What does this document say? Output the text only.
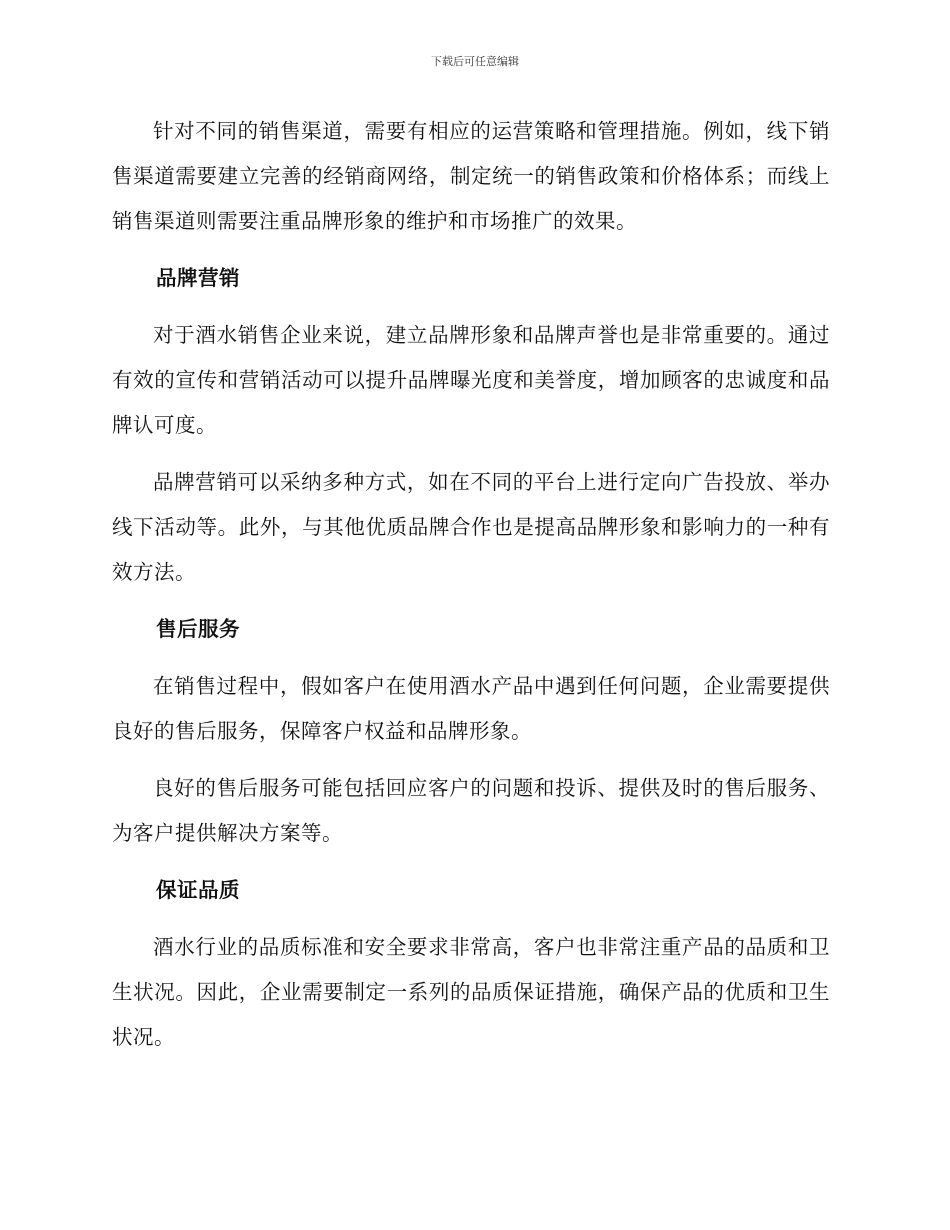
下载后可任意编辑

针对不同的销售渠道，需要有相应的运营策略和管理措施。例如，线下销售渠道需要建立完善的经销商网络，制定统一的销售政策和价格体系；而线上销售渠道则需要注重品牌形象的维护和市场推广的效果。

品牌营销

对于酒水销售企业来说，建立品牌形象和品牌声誉也是非常重要的。通过有效的宣传和营销活动可以提升品牌曝光度和美誉度，增加顾客的忠诚度和品牌认可度。

品牌营销可以采纳多种方式，如在不同的平台上进行定向广告投放、举办线下活动等。此外，与其他优质品牌合作也是提高品牌形象和影响力的一种有效方法。

售后服务

在销售过程中，假如客户在使用酒水产品中遇到任何问题，企业需要提供良好的售后服务，保障客户权益和品牌形象。

良好的售后服务可能包括回应客户的问题和投诉、提供及时的售后服务、为客户提供解决方案等。

保证品质

酒水行业的品质标准和安全要求非常高，客户也非常注重产品的品质和卫生状况。因此，企业需要制定一系列的品质保证措施，确保产品的优质和卫生状况。
